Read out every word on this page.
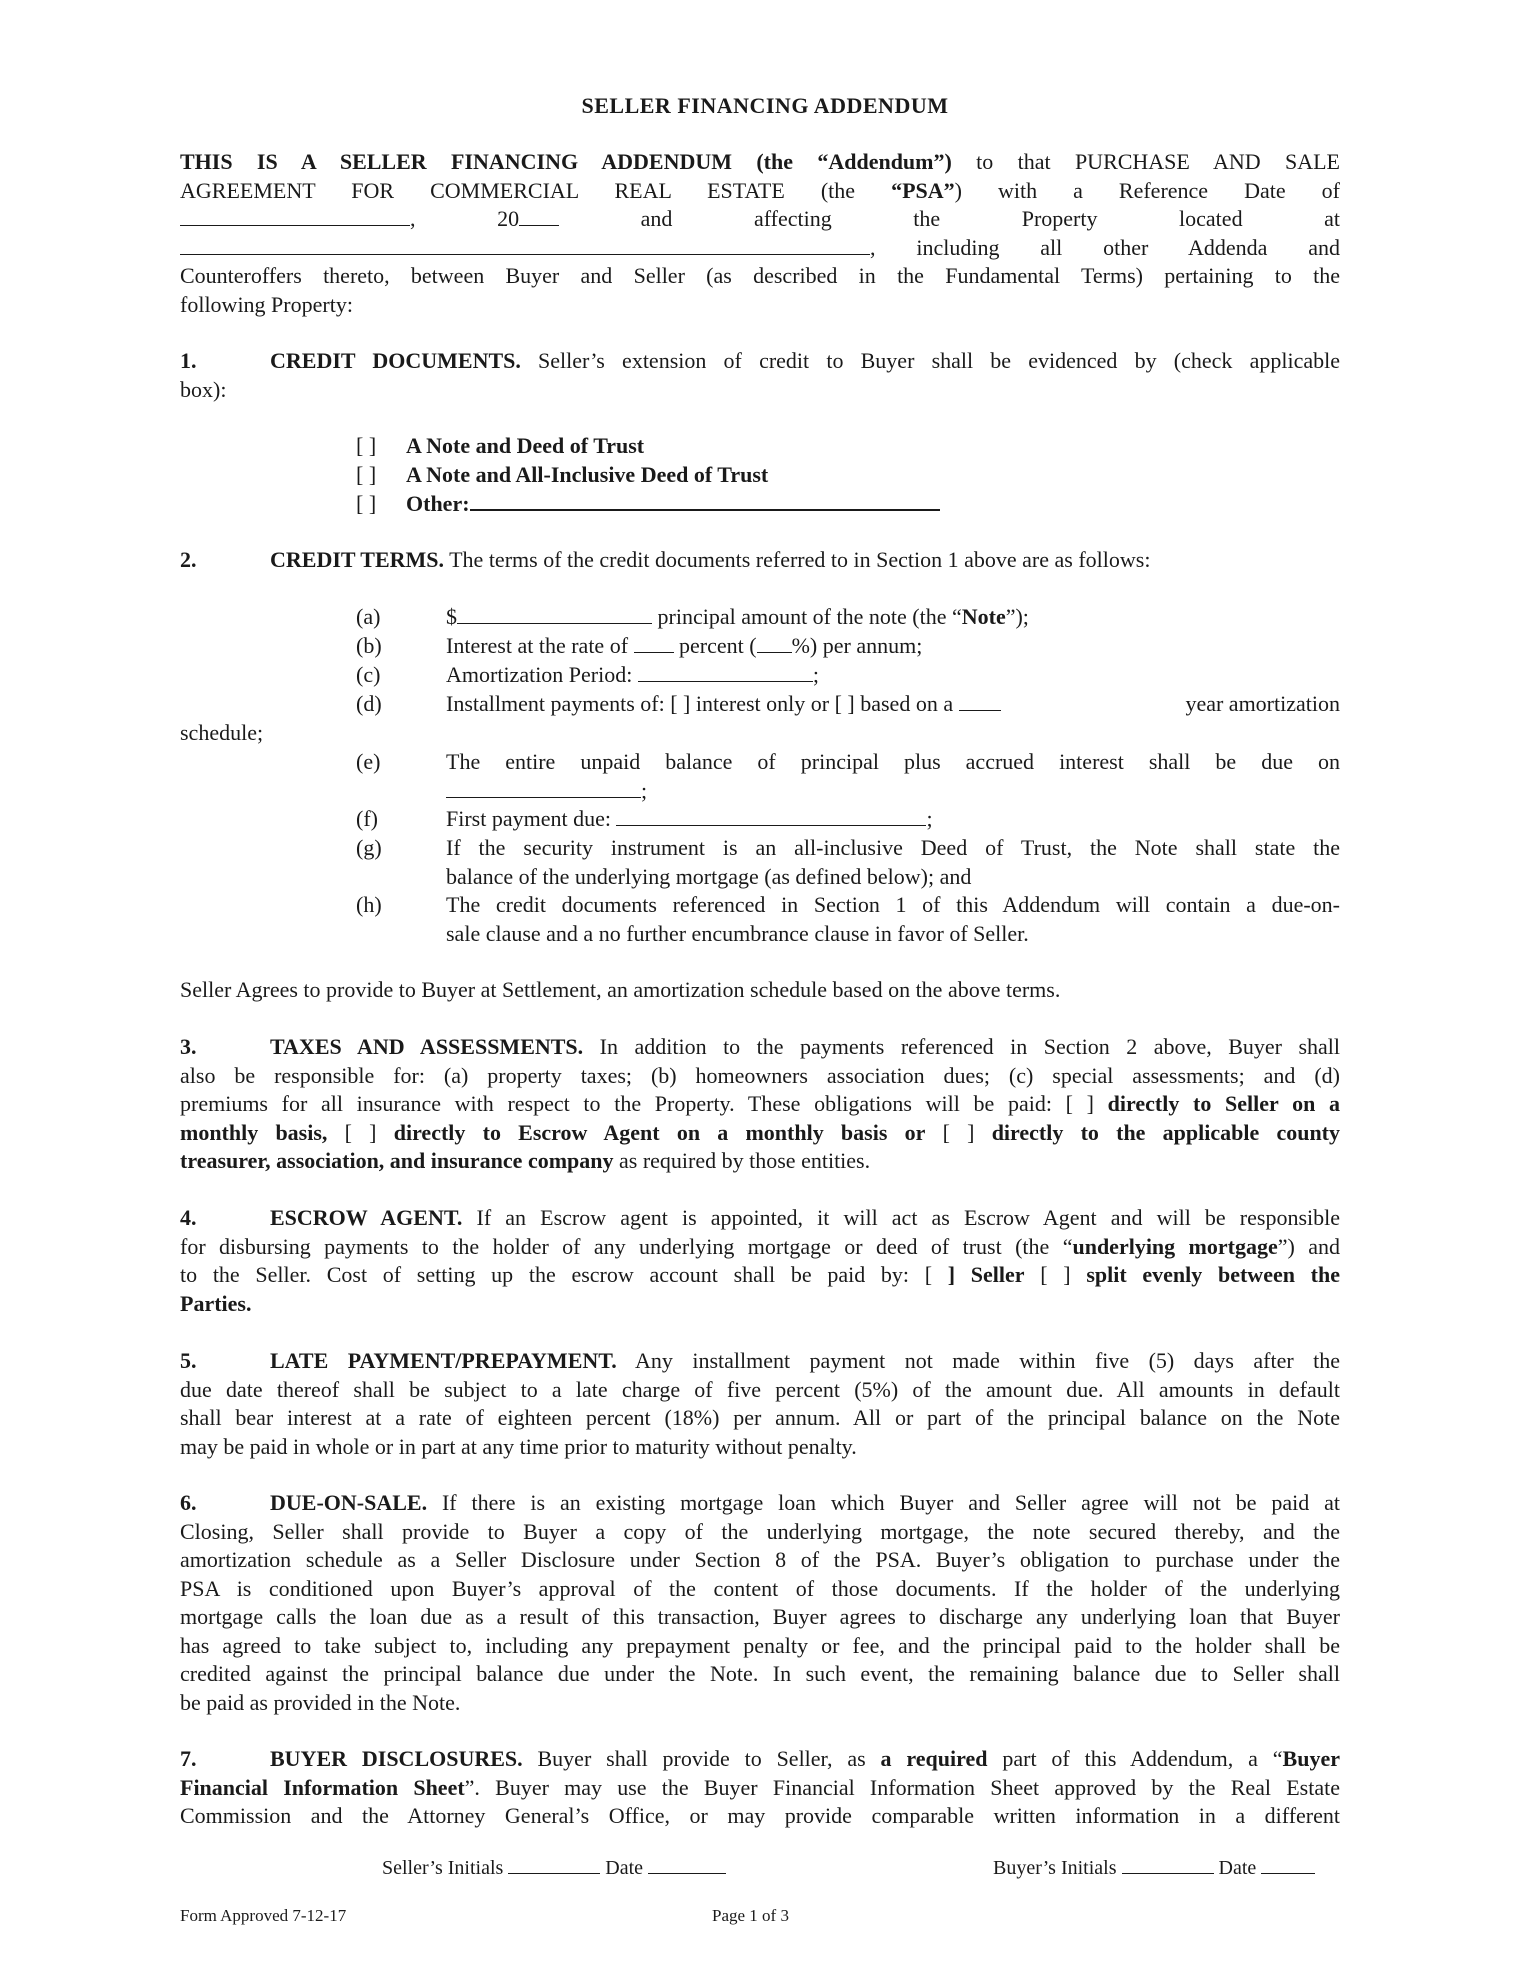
SELLER FINANCING ADDENDUM
THIS IS A SELLER FINANCING ADDENDUM (the “Addendum”) to that PURCHASE AND SALE
AGREEMENT FOR COMMERCIAL REAL ESTATE (the “PSA”) with a Reference Date of
,	20	and affecting the Property located at
, including all other Addenda and
Counteroffers thereto, between Buyer and Seller (as described in the Fundamental Terms) pertaining to the
following Property:
1.	CREDIT DOCUMENTS. Seller’s extension of credit to Buyer shall be evidenced by (check applicable
box):
[ ] A Note and Deed of Trust
[ ] A Note and All-Inclusive Deed of Trust
[ ] Other:
2.	CREDIT TERMS. The terms of the credit documents referred to in Section 1 above are as follows:
(a)	$	principal amount of the note (the “Note”);
(b)	Interest at the rate of percent ( %) per annum;
(c)	Amortization Period:	;
(d)	Installment payments of: [ ] interest only or [ ] based on a	year amortization
schedule;
(e)	The entire unpaid balance of principal plus accrued interest shall be due on
;
(f)	First payment due:	;
(g)	If the security instrument is an all-inclusive Deed of Trust, the Note shall state the
balance of the underlying mortgage (as defined below); and
(h)	The credit documents referenced in Section 1 of this Addendum will contain a due-on-
sale clause and a no further encumbrance clause in favor of Seller.
Seller Agrees to provide to Buyer at Settlement, an amortization schedule based on the above terms.
3.	TAXES AND ASSESSMENTS. In addition to the payments referenced in Section 2 above, Buyer shall
also be responsible for: (a) property taxes; (b) homeowners association dues; (c) special assessments; and (d)
premiums for all insurance with respect to the Property. These obligations will be paid: [ ] directly to Seller on a
monthly basis, [ ] directly to Escrow Agent on a monthly basis or [ ] directly to the applicable county
treasurer, association, and insurance company as required by those entities.
4.	ESCROW AGENT. If an Escrow agent is appointed, it will act as Escrow Agent and will be responsible
for disbursing payments to the holder of any underlying mortgage or deed of trust (the “underlying mortgage”) and
to the Seller. Cost of setting up the escrow account shall be paid by: [ ] Seller [ ] split evenly between the
Parties.
5.	LATE PAYMENT/PREPAYMENT. Any installment payment not made within five (5) days after the
due date thereof shall be subject to a late charge of five percent (5%) of the amount due. All amounts in default
shall bear interest at a rate of eighteen percent (18%) per annum. All or part of the principal balance on the Note
may be paid in whole or in part at any time prior to maturity without penalty.
6.	DUE-ON-SALE. If there is an existing mortgage loan which Buyer and Seller agree will not be paid at
Closing, Seller shall provide to Buyer a copy of the underlying mortgage, the note secured thereby, and the
amortization schedule as a Seller Disclosure under Section 8 of the PSA. Buyer’s obligation to purchase under the
PSA is conditioned upon Buyer’s approval of the content of those documents. If the holder of the underlying
mortgage calls the loan due as a result of this transaction, Buyer agrees to discharge any underlying loan that Buyer
has agreed to take subject to, including any prepayment penalty or fee, and the principal paid to the holder shall be
credited against the principal balance due under the Note. In such event, the remaining balance due to Seller shall
be paid as provided in the Note.
7.	BUYER DISCLOSURES. Buyer shall provide to Seller, as a required part of this Addendum, a “Buyer
Financial Information Sheet”. Buyer may use the Buyer Financial Information Sheet approved by the Real Estate
Commission and the Attorney General’s Office, or may provide comparable written information in a different
Seller’s Initials	Date	Buyer’s Initials	Date
Form Approved 7-12-17	Page 1 of 3
